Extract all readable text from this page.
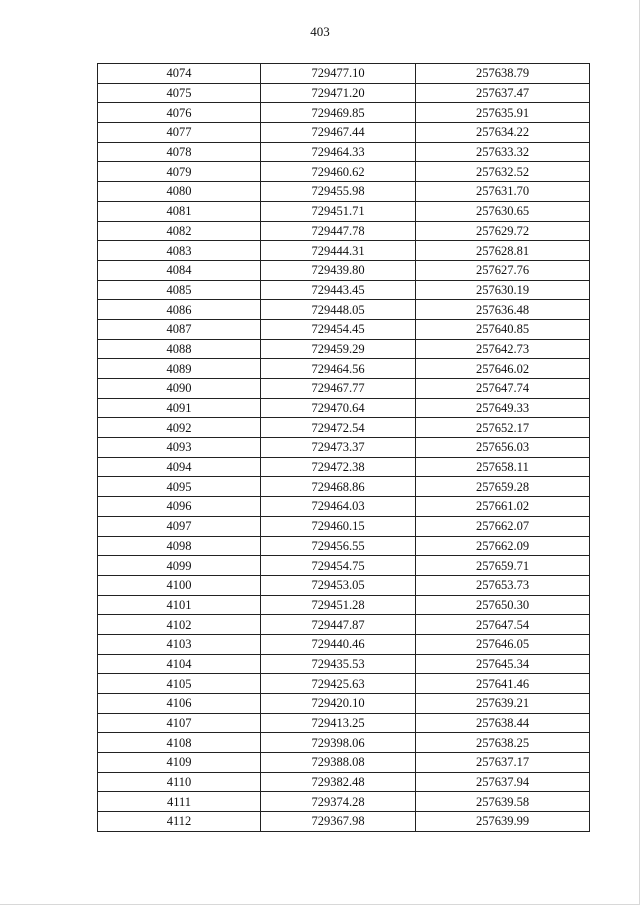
403
4074	729477.10	257638.79
4075	729471.20	257637.47
4076	729469.85	257635.91
4077	729467.44	257634.22
4078	729464.33	257633.32
4079	729460.62	257632.52
4080	729455.98	257631.70
4081	729451.71	257630.65
4082	729447.78	257629.72
4083	729444.31	257628.81
4084	729439.80	257627.76
4085	729443.45	257630.19
4086	729448.05	257636.48
4087	729454.45	257640.85
4088	729459.29	257642.73
4089	729464.56	257646.02
4090	729467.77	257647.74
4091	729470.64	257649.33
4092	729472.54	257652.17
4093	729473.37	257656.03
4094	729472.38	257658.11
4095	729468.86	257659.28
4096	729464.03	257661.02
4097	729460.15	257662.07
4098	729456.55	257662.09
4099	729454.75	257659.71
4100	729453.05	257653.73
4101	729451.28	257650.30
4102	729447.87	257647.54
4103	729440.46	257646.05
4104	729435.53	257645.34
4105	729425.63	257641.46
4106	729420.10	257639.21
4107	729413.25	257638.44
4108	729398.06	257638.25
4109	729388.08	257637.17
4110	729382.48	257637.94
4111	729374.28	257639.58
4112	729367.98	257639.99
